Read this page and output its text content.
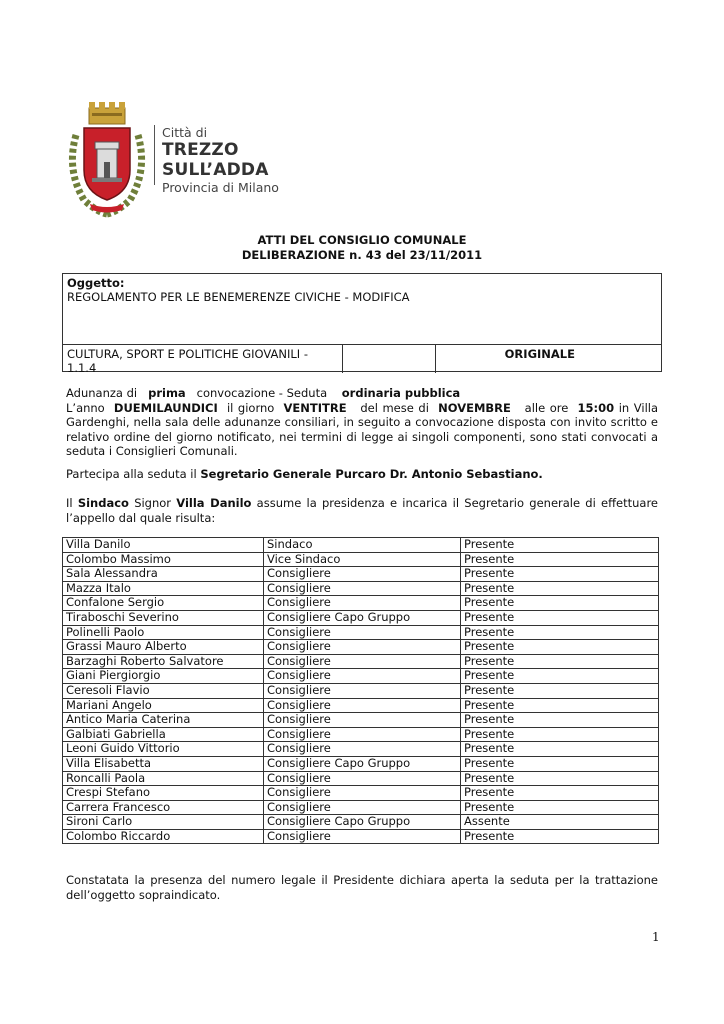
Città di
TREZZO SULL’ADDA
Provincia di Milano
ATTI DEL CONSIGLIO COMUNALE
DELIBERAZIONE n. 43 del 23/11/2011
Oggetto:
REGOLAMENTO PER LE BENEMERENZE CIVICHE - MODIFICA
CULTURA, SPORT E POLITICHE GIOVANILI - 1.1.4
ORIGINALE
Adunanza di prima convocazione - Seduta ordinaria pubblica
L’anno DUEMILAUNDICI il giorno VENTITRE del mese di NOVEMBRE alle ore 15:00 in Villa Gardenghi, nella sala delle adunanze consiliari, in seguito a convocazione disposta con invito scritto e relativo ordine del giorno notificato, nei termini di legge ai singoli componenti, sono stati convocati a seduta i Consiglieri Comunali.
Partecipa alla seduta il Segretario Generale Purcaro Dr. Antonio Sebastiano.
Il Sindaco Signor Villa Danilo assume la presidenza e incarica il Segretario generale di effettuare l’appello dal quale risulta:
Villa Danilo	Sindaco	Presente
Colombo Massimo	Vice Sindaco	Presente
Sala Alessandra	Consigliere	Presente
Mazza Italo	Consigliere	Presente
Confalone Sergio	Consigliere	Presente
Tiraboschi Severino	Consigliere Capo Gruppo	Presente
Polinelli Paolo	Consigliere	Presente
Grassi Mauro Alberto	Consigliere	Presente
Barzaghi Roberto Salvatore	Consigliere	Presente
Giani Piergiorgio	Consigliere	Presente
Ceresoli Flavio	Consigliere	Presente
Mariani Angelo	Consigliere	Presente
Antico Maria Caterina	Consigliere	Presente
Galbiati Gabriella	Consigliere	Presente
Leoni Guido Vittorio	Consigliere	Presente
Villa Elisabetta	Consigliere Capo Gruppo	Presente
Roncalli Paola	Consigliere	Presente
Crespi Stefano	Consigliere	Presente
Carrera Francesco	Consigliere	Presente
Sironi Carlo	Consigliere Capo Gruppo	Assente
Colombo Riccardo	Consigliere	Presente
Constatata la presenza del numero legale il Presidente dichiara aperta la seduta per la trattazione dell’oggetto sopraindicato.
1
